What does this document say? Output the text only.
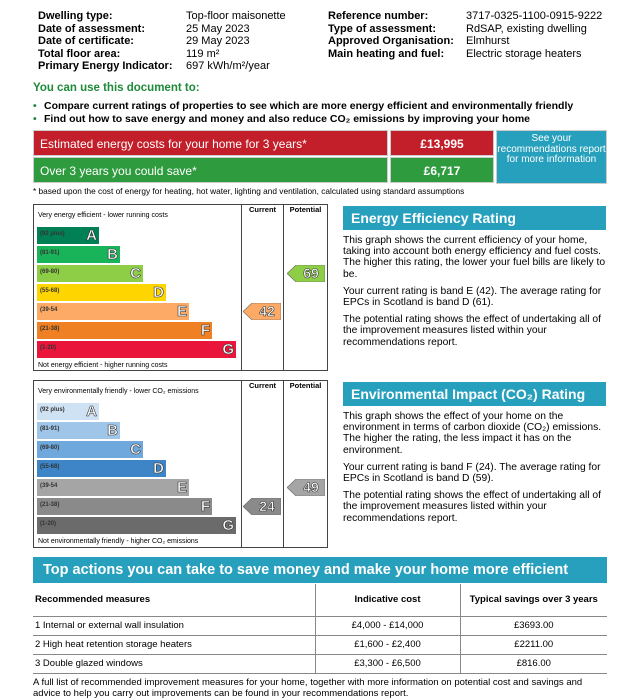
Dwelling type:	Top-floor maisonette	Reference number:	3717-0325-1100-0915-9222
Date of assessment:	25 May 2023	Type of assessment:	RdSAP, existing dwelling
Date of certificate:	29 May 2023	Approved Organisation: Elmhurst
Total floor area:	119 m²	Main heating and fuel: Electric storage heaters
Primary Energy Indicator: 697 kWh/m²/year
You can use this document to:
• Compare current ratings of properties to see which are more energy efficient and environmentally friendly
• Find out how to save energy and money and also reduce CO₂ emissions by improving your home
Estimated energy costs for your home for 3 years*	£13,995
Over 3 years you could save*	£6,717
See your recommendations report for more information
* based upon the cost of energy for heating, hot water, lighting and ventilation, calculated using standard assumptions
Current	Potential
Very energy efficient - lower running costs
Not energy efficient - higher running costs
(92 plus) A
(81-91)	B
(69-80)	C
(55-68)	D
(39-54	E
(21-38)	F
(1-20)	G
42
69
Energy Efficiency Rating

This graph shows the current efficiency of your home, taking into account both energy efficiency and fuel costs. The higher this rating, the lower your fuel bills are likely to be.

Your current rating is band E (42). The average rating for EPCs in Scotland is band D (61).

The potential rating shows the effect of undertaking all of the improvement measures listed within your recommendations report.

Current	Potential
Very environmentally friendly - lower CO₂ emissions
Not environmentally friendly - higher CO₂ emissions
(92 plus) A
(81-91)	B
(69-80)	C
(55-68)	D
(39-54	E
(21-38)	F
(1-20)	G
24
49
Environmental Impact (CO₂) Rating

This graph shows the effect of your home on the environment in terms of carbon dioxide (CO₂) emissions. The higher the rating, the less impact it has on the environment.

Your current rating is band F (24). The average rating for EPCs in Scotland is band D (59).

The potential rating shows the effect of undertaking all of the improvement measures listed within your recommendations report.

Top actions you can take to save money and make your home more efficient
Recommended measures	Indicative cost	Typical savings over 3 years
1 Internal or external wall insulation	£4,000 - £14,000	£3693.00
2 High heat retention storage heaters	£1,600 - £2,400	£2211.00
3 Double glazed windows	£3,300 - £6,500	£816.00
A full list of recommended improvement measures for your home, together with more information on potential cost and savings and advice to help you carry out improvements can be found in your recommendations report.
